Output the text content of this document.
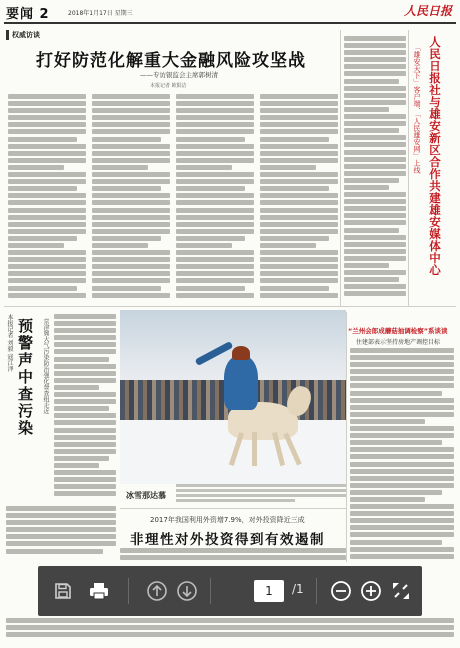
要闻 2	2018年1月17日 星期三	人民日报
权威访谈
打好防范化解重大金融风险攻坚战
——专访银监会主席郭树清
本报记者 欧阳洁	人民日报社与雄安新区合作共建雄安媒体中心
「雄安天下」客户端、「人民雄安网」上线
本报记者 刘毅 寇江泽 预警声中查污染	京津冀大气污染防治强化督查组走近
冰雪那达慕
“兰州会郎成蘑菇抽调检察”系谈读
住建部表示坚持房地产调控目标
2017年我国利用外资增7.9%，对外投资降近三成
非理性对外投资得到有效遏制
1
/1
